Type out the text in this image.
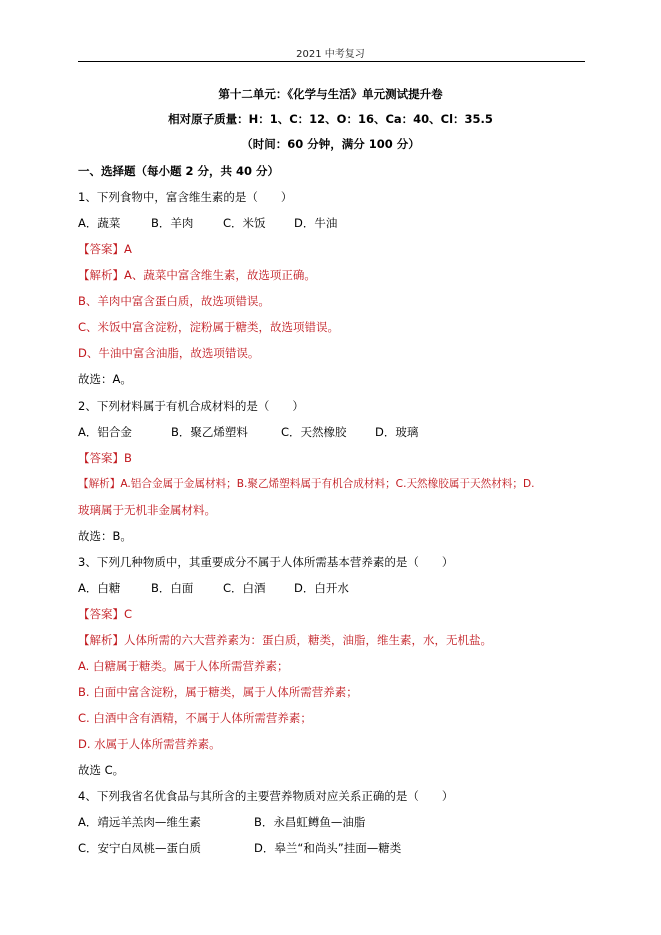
2021 中考复习
第十二单元：《化学与生活》单元测试提升卷
相对原子质量：H：1、C：12、O：16、Ca：40、Cl：35.5
（时间：60 分钟，满分 100 分）
一、选择题（每小题 2 分，共 40 分）
1、下列食物中，富含维生素的是（　　）
A．蔬菜	B．羊肉	C．米饭 D．牛油
【答案】A
【解析】A、蔬菜中富含维生素，故选项正确。
B、羊肉中富含蛋白质，故选项错误。
C、米饭中富含淀粉，淀粉属于糖类，故选项错误。
D、牛油中富含油脂，故选项错误。
故选：A。
2、下列材料属于有机合成材料的是（　　）
A．铝合金	B．聚乙烯塑料	C．天然橡胶 D．玻璃
【答案】B
【解析】A.铝合金属于金属材料；B.聚乙烯塑料属于有机合成材料；C.天然橡胶属于天然材料；D.
玻璃属于无机非金属材料。
故选：B。
3、下列几种物质中，其重要成分不属于人体所需基本营养素的是（　　）
A．白糖	B．白面	C．白酒 D．白开水
【答案】C
【解析】人体所需的六大营养素为：蛋白质，糖类，油脂，维生素，水，无机盐。
A. 白糖属于糖类。属于人体所需营养素；
B. 白面中富含淀粉，属于糖类，属于人体所需营养素；
C. 白酒中含有酒精，不属于人体所需营养素；
D. 水属于人体所需营养素。
故选 C。
4、下列我省名优食品与其所含的主要营养物质对应关系正确的是（　　）
A．靖远羊羔肉—维生素	B．永昌虹鳟鱼—油脂
C．安宁白凤桃—蛋白质	D．皋兰“和尚头”挂面—糖类
